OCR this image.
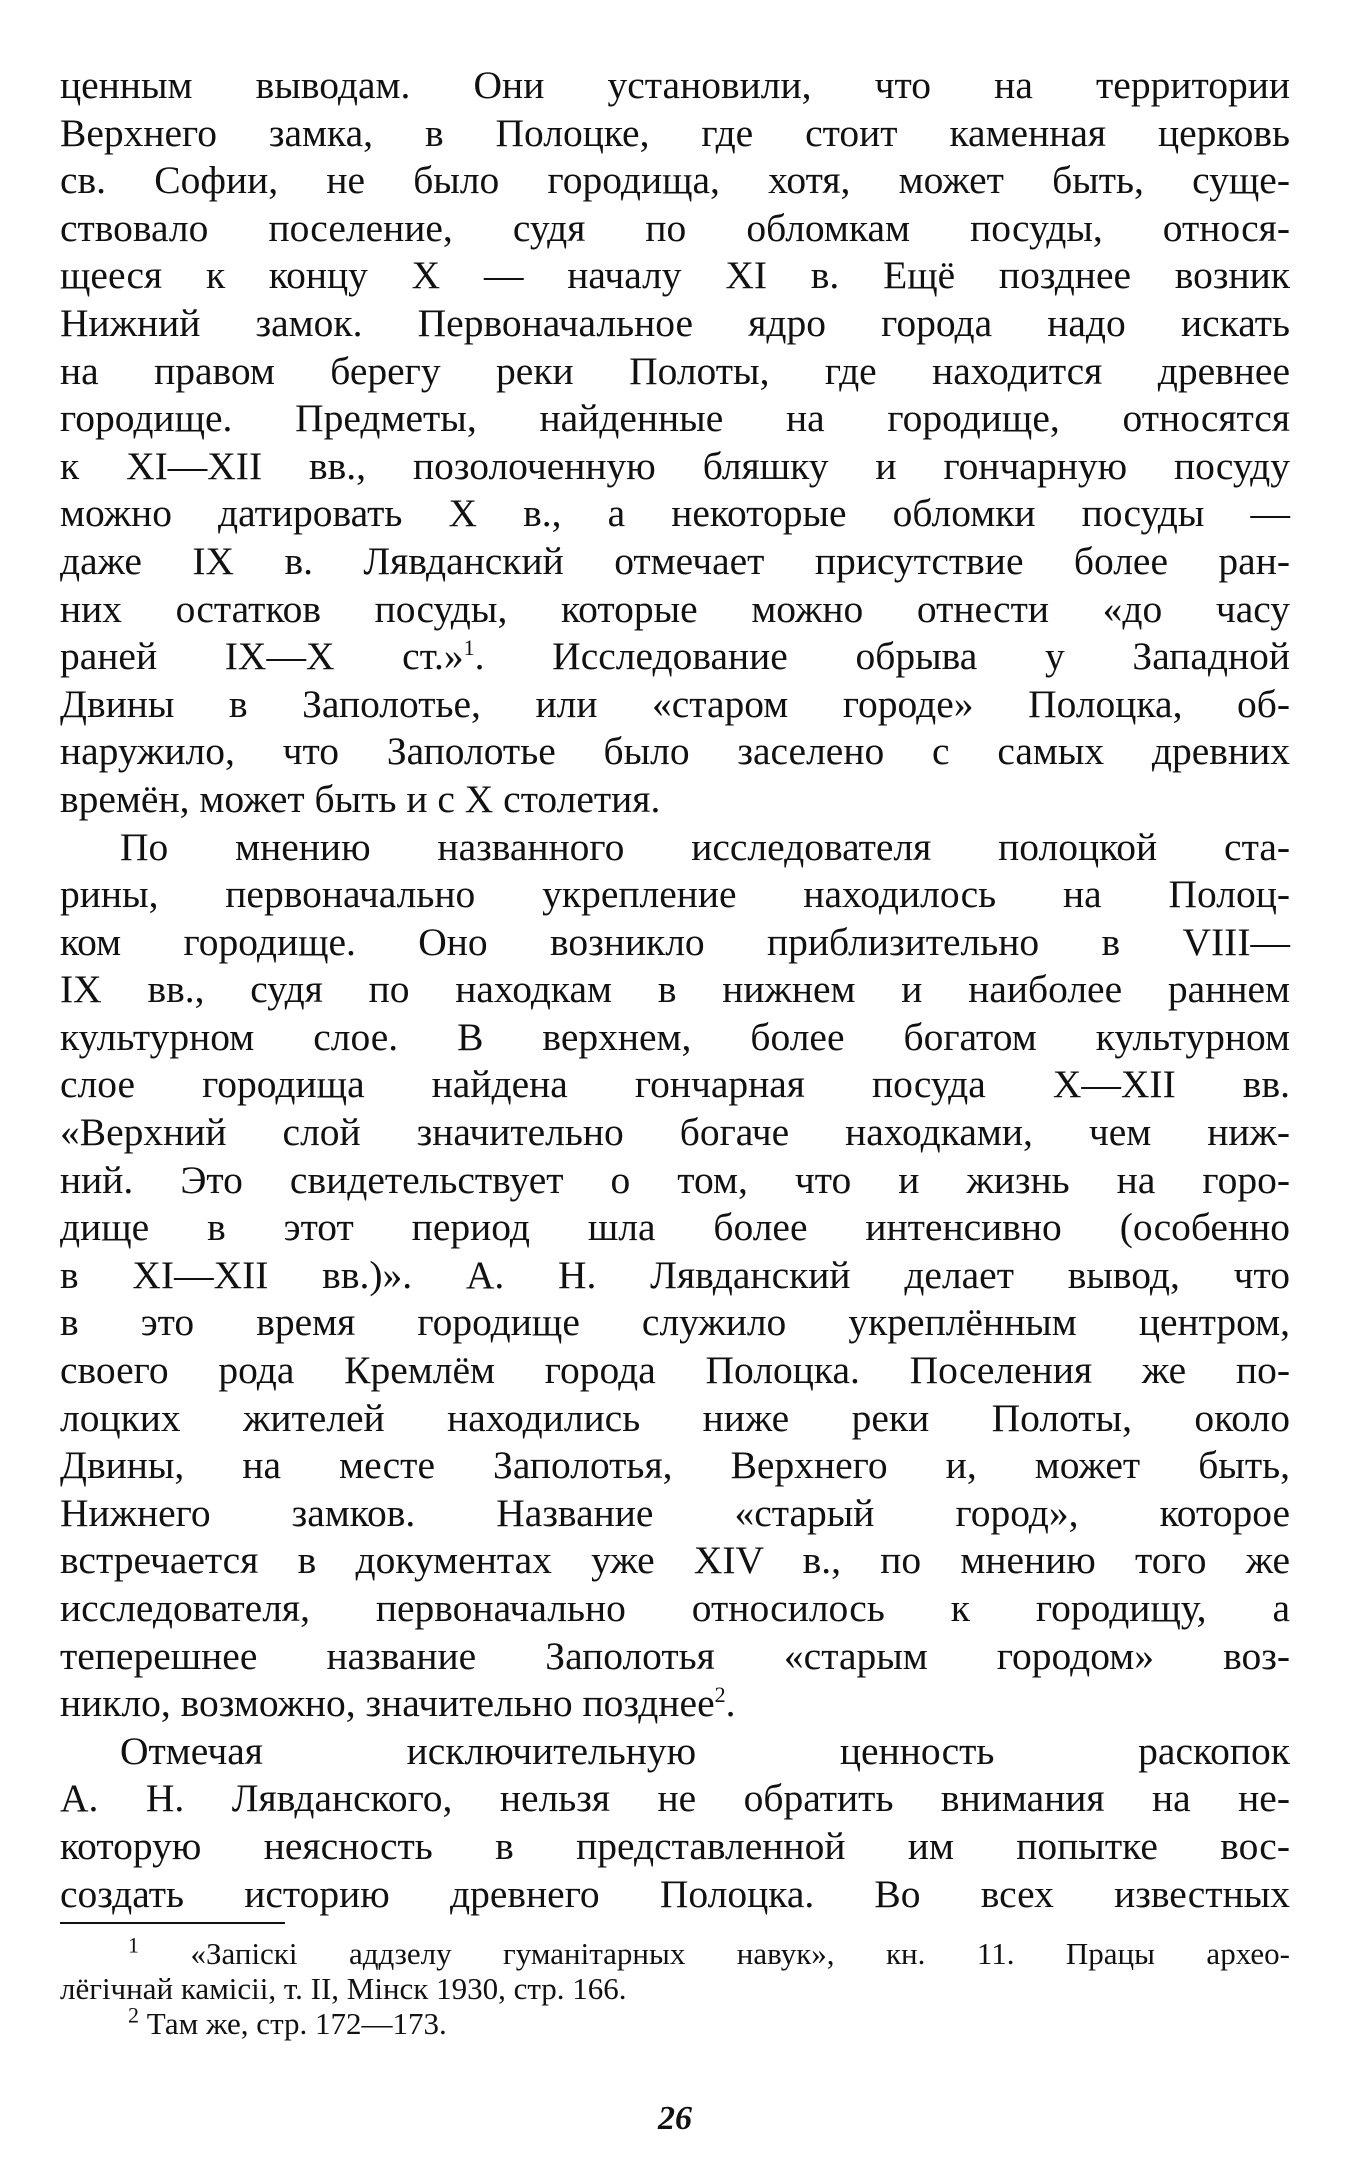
ценным выводам. Они установили, что на территории
Верхнего замка, в Полоцке, где стоит каменная церковь
св. Софии, не было городища, хотя, может быть, суще-
ствовало поселение, судя по обломкам посуды, относя-
щееся к концу X — началу XI в. Ещё позднее возник
Нижний замок. Первоначальное ядро города надо искать
на правом берегу реки Полоты, где находится древнее
городище. Предметы, найденные на городище, относятся
к XI—XII вв., позолоченную бляшку и гончарную посуду
можно датировать X в., а некоторые обломки посуды —
даже IX в. Лявданский отмечает присутствие более ран-
них остатков посуды, которые можно отнести «до часу
раней IX—X ст.»$^1$. Исследование обрыва у Западной
Двины в Заполотье, или «старом городе» Полоцка, об-
наружило, что Заполотье было заселено с самых древних
времён, может быть и с X столетия.
По мнению названного исследователя полоцкой ста-
рины, первоначально укрепление находилось на Полоц-
ком городище. Оно возникло приблизительно в VIII—
IX вв., судя по находкам в нижнем и наиболее раннем
культурном слое. В верхнем, более богатом культурном
слое городища найдена гончарная посуда X—XII вв.
«Верхний слой значительно богаче находками, чем ниж-
ний. Это свидетельствует о том, что и жизнь на горо-
дище в этот период шла более интенсивно (особенно
в XI—XII вв.)». А. Н. Лявданский делает вывод, что
в это время городище служило укреплённым центром,
своего рода Кремлём города Полоцка. Поселения же по-
лоцких жителей находились ниже реки Полоты, около
Двины, на месте Заполотья, Верхнего и, может быть,
Нижнего замков. Название «старый город», которое
встречается в документах уже XIV в., по мнению того же
исследователя, первоначально относилось к городищу, а
теперешнее название Заполотья «старым городом» воз-
никло, возможно, значительно позднее$^2$.
Отмечая исключительную ценность раскопок
А. Н. Лявданского, нельзя не обратить внимания на не-
которую неясность в представленной им попытке вос-
создать историю древнего Полоцка. Во всех известных
$^1$ «Запіскі аддзелу гуманітарных навук», кн. 11. Працы архео-
лёгічнай камісіі, т. II, Мінск 1930, стр. 166.
$^2$ Там же, стр. 172—173.
26
